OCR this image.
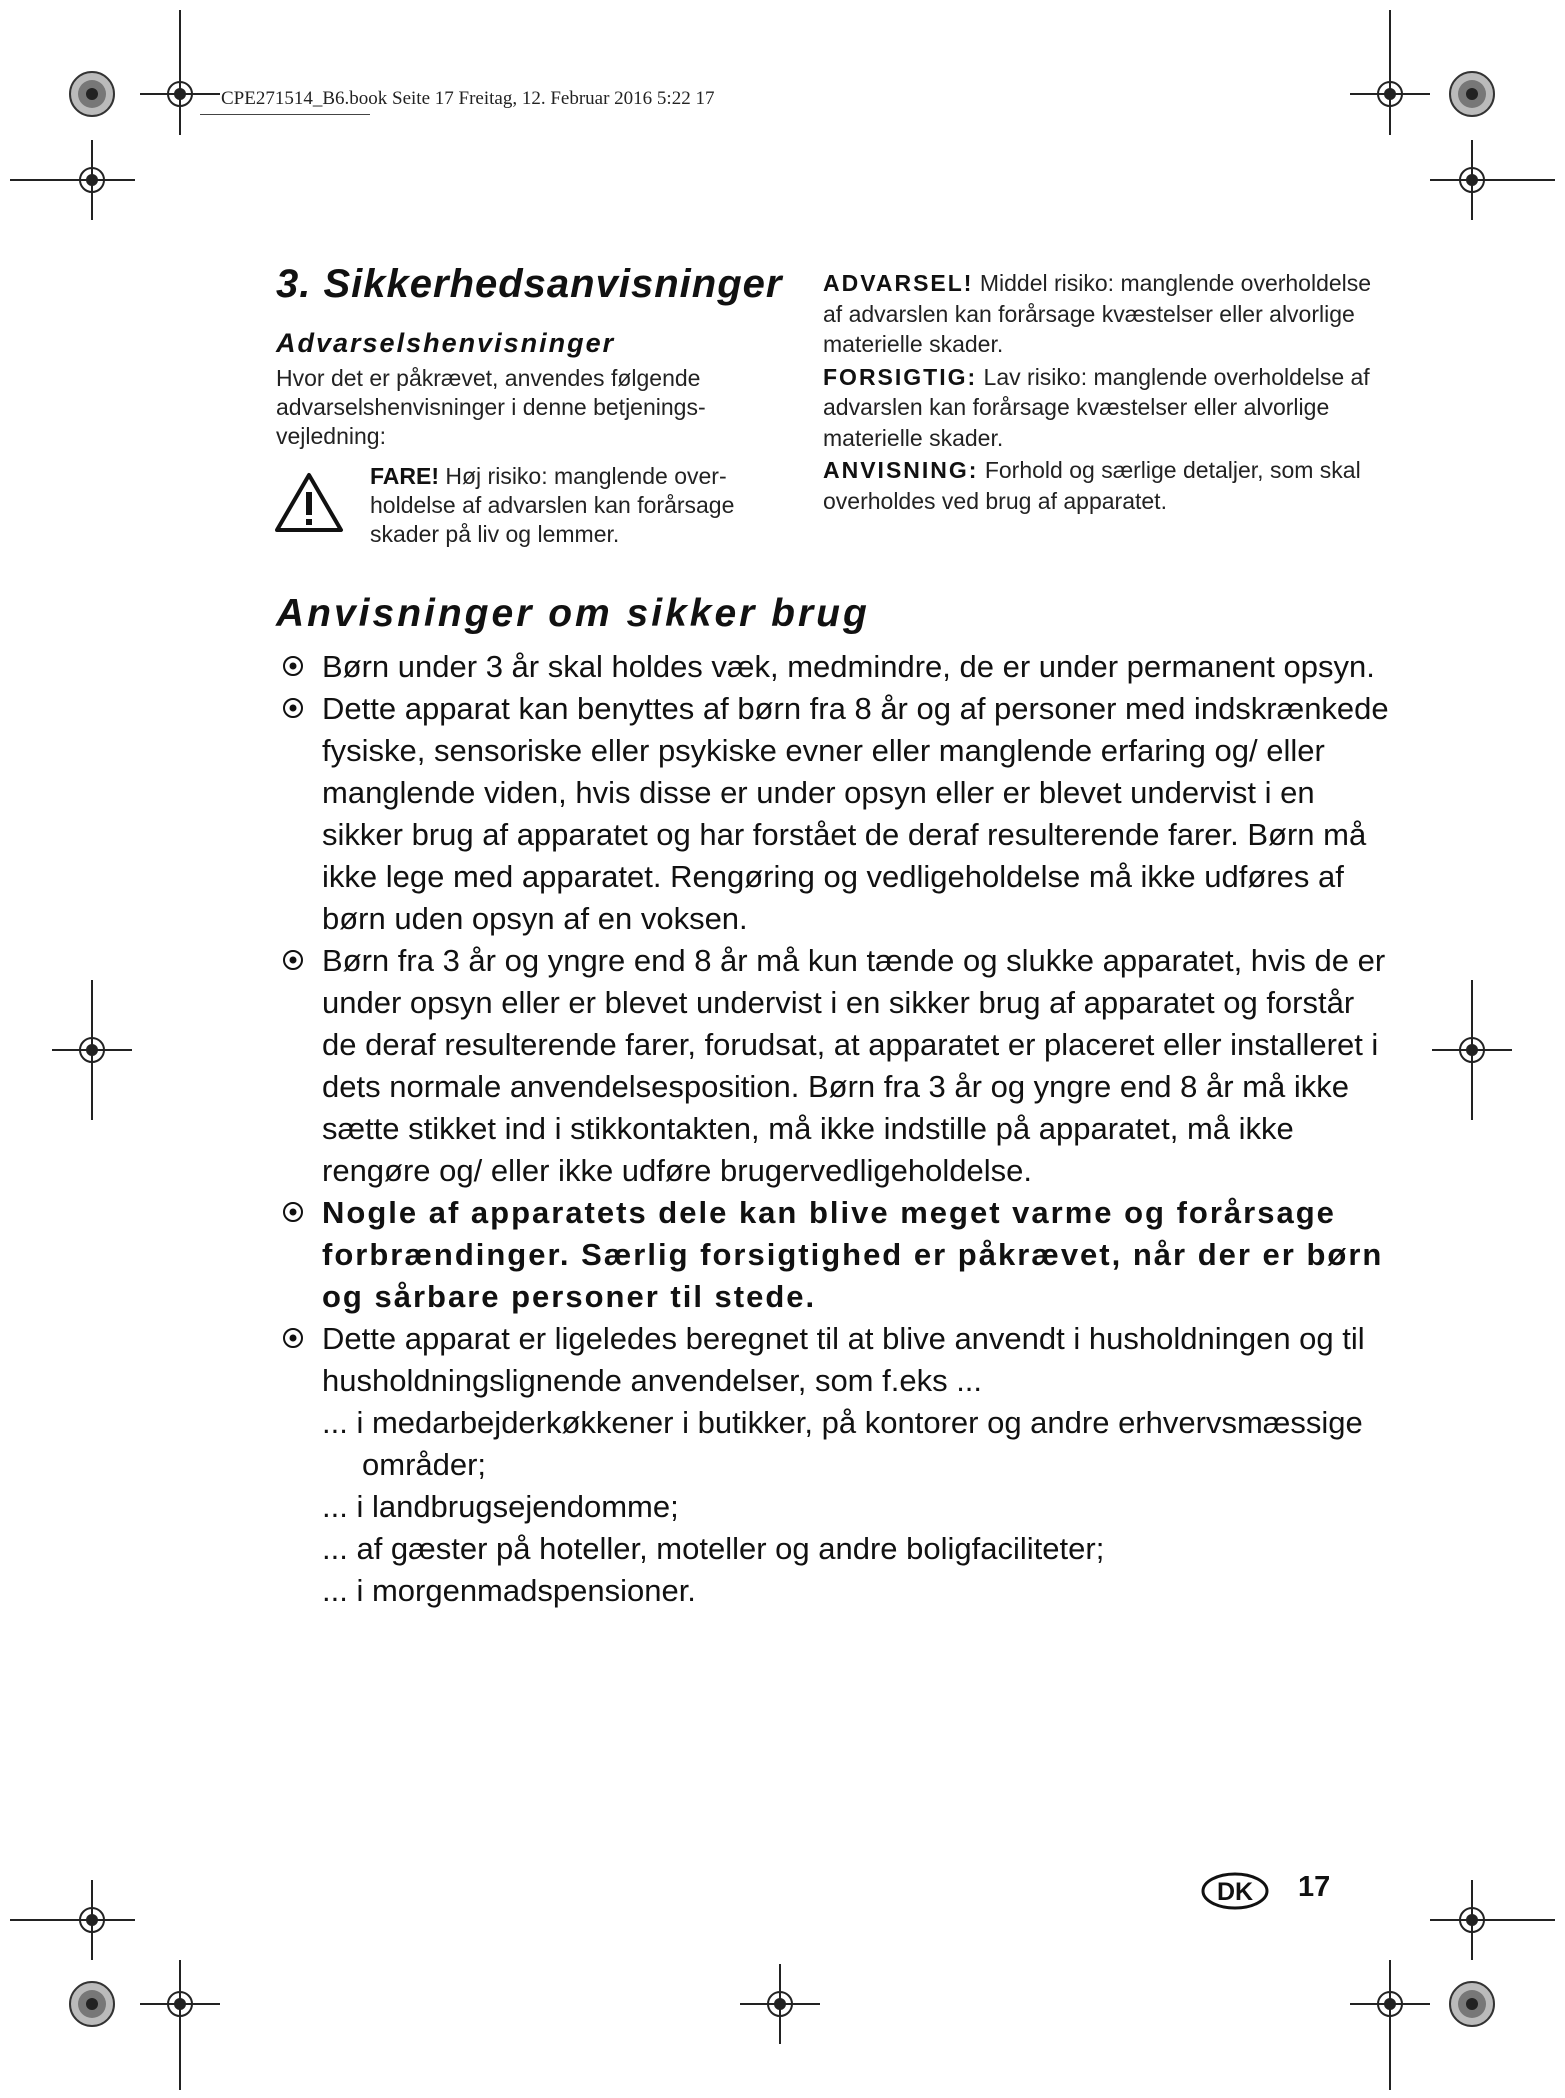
CPE271514_B6.book Seite 17 Freitag, 12. Februar 2016 5:22 17
3. Sikkerhedsanvisninger
Advarselshenvisninger
Hvor det er påkrævet, anvendes følgende advarselshenvisninger i denne betjeningsvejledning:
FARE! Høj risiko: manglende overholdelse af advarslen kan forårsage skader på liv og lemmer.

ADVARSEL! Middel risiko: manglende overholdelse af advarslen kan forårsage kvæstelser eller alvorlige materielle skader.

FORSIGTIG: Lav risiko: manglende overholdelse af advarslen kan forårsage kvæstelser eller alvorlige materielle skader.

ANVISNING: Forhold og særlige detaljer, som skal overholdes ved brug af apparatet.

Anvisninger om sikker brug
Børn under 3 år skal holdes væk, medmindre, de er under permanent opsyn.
Dette apparat kan benyttes af børn fra 8 år og af personer med indskrænkede fysiske, sensoriske eller psykiske evner eller manglende erfaring og/ eller manglende viden, hvis disse er under opsyn eller er blevet undervist i en sikker brug af apparatet og har forstået de deraf resulterende farer. Børn må ikke lege med apparatet. Rengøring og vedligeholdelse må ikke udføres af børn uden opsyn af en voksen.
Børn fra 3 år og yngre end 8 år må kun tænde og slukke apparatet, hvis de er under opsyn eller er blevet undervist i en sikker brug af apparatet og forstår de deraf resulterende farer, forudsat, at apparatet er placeret eller installeret i dets normale anvendelsesposition. Børn fra 3 år og yngre end 8 år må ikke sætte stikket ind i stikkontakten, må ikke indstille på apparatet, må ikke rengøre og/ eller ikke udføre brugervedligeholdelse.
Nogle af apparatets dele kan blive meget varme og forårsage forbrændinger. Særlig forsigtighed er påkrævet, når der er børn og sårbare personer til stede.
Dette apparat er ligeledes beregnet til at blive anvendt i husholdningen og til husholdningslignende anvendelser, som f.eks ...
... i medarbejderkøkkener i butikker, på kontorer og andre erhvervsmæssige områder;
... i landbrugsejendomme;
... af gæster på hoteller, moteller og andre boligfaciliteter;
... i morgenmadspensioner.
DK 17
